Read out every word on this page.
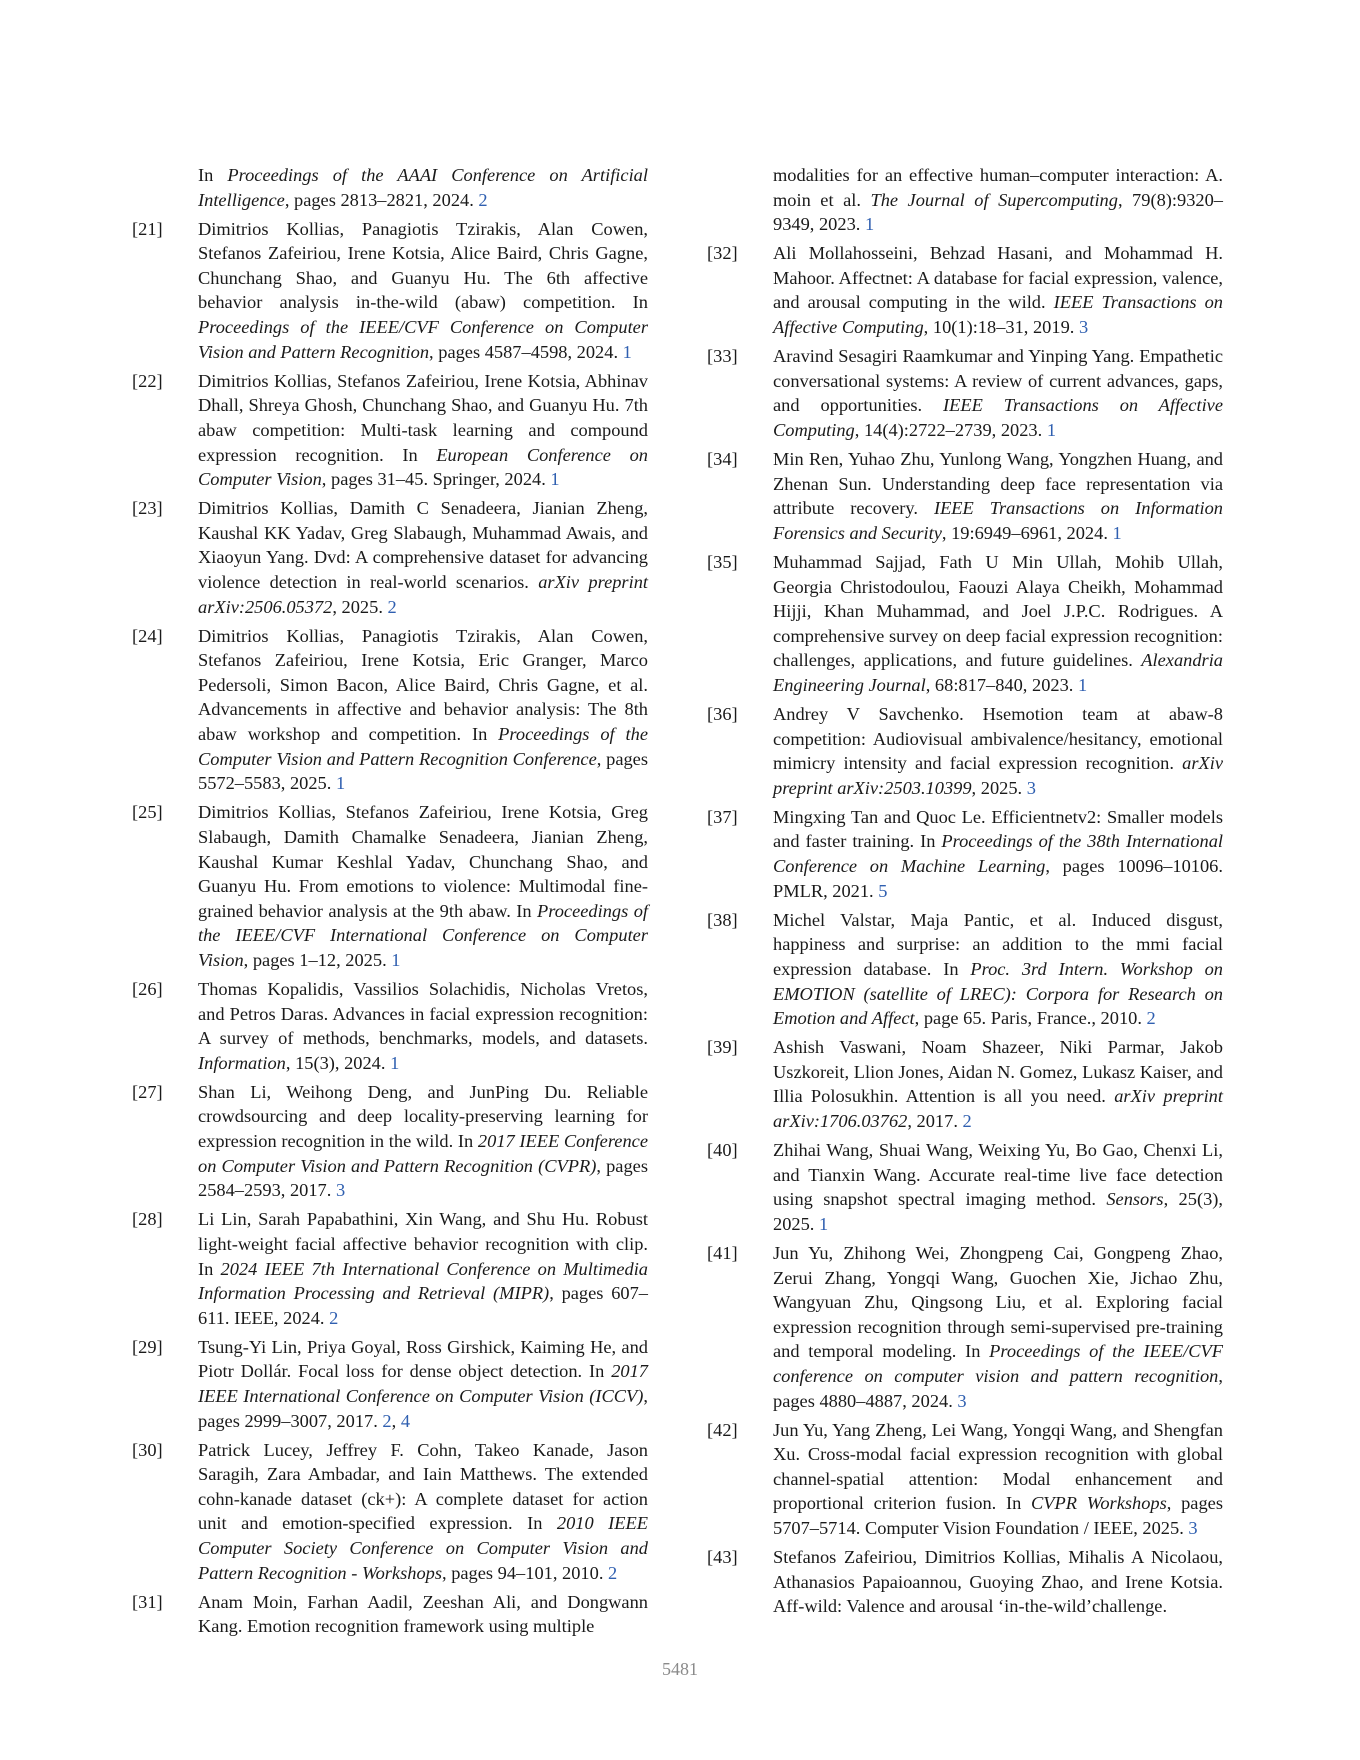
In Proceedings of the AAAI Conference on Artificial Intelligence, pages 2813–2821, 2024. 2
[21] Dimitrios Kollias, Panagiotis Tzirakis, Alan Cowen, Stefanos Zafeiriou, Irene Kotsia, Alice Baird, Chris Gagne, Chunchang Shao, and Guanyu Hu. The 6th affective behavior analysis in-the-wild (abaw) competition. In Proceedings of the IEEE/CVF Conference on Computer Vision and Pattern Recognition, pages 4587–4598, 2024. 1
[22] Dimitrios Kollias, Stefanos Zafeiriou, Irene Kotsia, Abhinav Dhall, Shreya Ghosh, Chunchang Shao, and Guanyu Hu. 7th abaw competition: Multi-task learning and compound expression recognition. In European Conference on Computer Vision, pages 31–45. Springer, 2024. 1
[23] Dimitrios Kollias, Damith C Senadeera, Jianian Zheng, Kaushal KK Yadav, Greg Slabaugh, Muhammad Awais, and Xiaoyun Yang. Dvd: A comprehensive dataset for advancing violence detection in real-world scenarios. arXiv preprint arXiv:2506.05372, 2025. 2
[24] Dimitrios Kollias, Panagiotis Tzirakis, Alan Cowen, Stefanos Zafeiriou, Irene Kotsia, Eric Granger, Marco Pedersoli, Simon Bacon, Alice Baird, Chris Gagne, et al. Advancements in affective and behavior analysis: The 8th abaw workshop and competition. In Proceedings of the Computer Vision and Pattern Recognition Conference, pages 5572–5583, 2025. 1
[25] Dimitrios Kollias, Stefanos Zafeiriou, Irene Kotsia, Greg Slabaugh, Damith Chamalke Senadeera, Jianian Zheng, Kaushal Kumar Keshlal Yadav, Chunchang Shao, and Guanyu Hu. From emotions to violence: Multimodal fine-grained behavior analysis at the 9th abaw. In Proceedings of the IEEE/CVF International Conference on Computer Vision, pages 1–12, 2025. 1
[26] Thomas Kopalidis, Vassilios Solachidis, Nicholas Vretos, and Petros Daras. Advances in facial expression recognition: A survey of methods, benchmarks, models, and datasets. Information, 15(3), 2024. 1
[27] Shan Li, Weihong Deng, and JunPing Du. Reliable crowdsourcing and deep locality-preserving learning for expression recognition in the wild. In 2017 IEEE Conference on Computer Vision and Pattern Recognition (CVPR), pages 2584–2593, 2017. 3
[28] Li Lin, Sarah Papabathini, Xin Wang, and Shu Hu. Robust light-weight facial affective behavior recognition with clip. In 2024 IEEE 7th International Conference on Multimedia Information Processing and Retrieval (MIPR), pages 607–611. IEEE, 2024. 2
[29] Tsung-Yi Lin, Priya Goyal, Ross Girshick, Kaiming He, and Piotr Dollár. Focal loss for dense object detection. In 2017 IEEE International Conference on Computer Vision (ICCV), pages 2999–3007, 2017. 2, 4
[30] Patrick Lucey, Jeffrey F. Cohn, Takeo Kanade, Jason Saragih, Zara Ambadar, and Iain Matthews. The extended cohn-kanade dataset (ck+): A complete dataset for action unit and emotion-specified expression. In 2010 IEEE Computer Society Conference on Computer Vision and Pattern Recognition - Workshops, pages 94–101, 2010. 2
[31] Anam Moin, Farhan Aadil, Zeeshan Ali, and Dongwann Kang. Emotion recognition framework using multiple
modalities for an effective human–computer interaction: A. moin et al. The Journal of Supercomputing, 79(8):9320–9349, 2023. 1
[32] Ali Mollahosseini, Behzad Hasani, and Mohammad H. Mahoor. Affectnet: A database for facial expression, valence, and arousal computing in the wild. IEEE Transactions on Affective Computing, 10(1):18–31, 2019. 3
[33] Aravind Sesagiri Raamkumar and Yinping Yang. Empathetic conversational systems: A review of current advances, gaps, and opportunities. IEEE Transactions on Affective Computing, 14(4):2722–2739, 2023. 1
[34] Min Ren, Yuhao Zhu, Yunlong Wang, Yongzhen Huang, and Zhenan Sun. Understanding deep face representation via attribute recovery. IEEE Transactions on Information Forensics and Security, 19:6949–6961, 2024. 1
[35] Muhammad Sajjad, Fath U Min Ullah, Mohib Ullah, Georgia Christodoulou, Faouzi Alaya Cheikh, Mohammad Hijji, Khan Muhammad, and Joel J.P.C. Rodrigues. A comprehensive survey on deep facial expression recognition: challenges, applications, and future guidelines. Alexandria Engineering Journal, 68:817–840, 2023. 1
[36] Andrey V Savchenko. Hsemotion team at abaw-8 competition: Audiovisual ambivalence/hesitancy, emotional mimicry intensity and facial expression recognition. arXiv preprint arXiv:2503.10399, 2025. 3
[37] Mingxing Tan and Quoc Le. Efficientnetv2: Smaller models and faster training. In Proceedings of the 38th International Conference on Machine Learning, pages 10096–10106. PMLR, 2021. 5
[38] Michel Valstar, Maja Pantic, et al. Induced disgust, happiness and surprise: an addition to the mmi facial expression database. In Proc. 3rd Intern. Workshop on EMOTION (satellite of LREC): Corpora for Research on Emotion and Affect, page 65. Paris, France., 2010. 2
[39] Ashish Vaswani, Noam Shazeer, Niki Parmar, Jakob Uszkoreit, Llion Jones, Aidan N. Gomez, Lukasz Kaiser, and Illia Polosukhin. Attention is all you need. arXiv preprint arXiv:1706.03762, 2017. 2
[40] Zhihai Wang, Shuai Wang, Weixing Yu, Bo Gao, Chenxi Li, and Tianxin Wang. Accurate real-time live face detection using snapshot spectral imaging method. Sensors, 25(3), 2025. 1
[41] Jun Yu, Zhihong Wei, Zhongpeng Cai, Gongpeng Zhao, Zerui Zhang, Yongqi Wang, Guochen Xie, Jichao Zhu, Wangyuan Zhu, Qingsong Liu, et al. Exploring facial expression recognition through semi-supervised pre-training and temporal modeling. In Proceedings of the IEEE/CVF conference on computer vision and pattern recognition, pages 4880–4887, 2024. 3
[42] Jun Yu, Yang Zheng, Lei Wang, Yongqi Wang, and Shengfan Xu. Cross-modal facial expression recognition with global channel-spatial attention: Modal enhancement and proportional criterion fusion. In CVPR Workshops, pages 5707–5714. Computer Vision Foundation / IEEE, 2025. 3
[43] Stefanos Zafeiriou, Dimitrios Kollias, Mihalis A Nicolaou, Athanasios Papaioannou, Guoying Zhao, and Irene Kotsia. Aff-wild: Valence and arousal ‘in-the-wild’challenge.
5481
